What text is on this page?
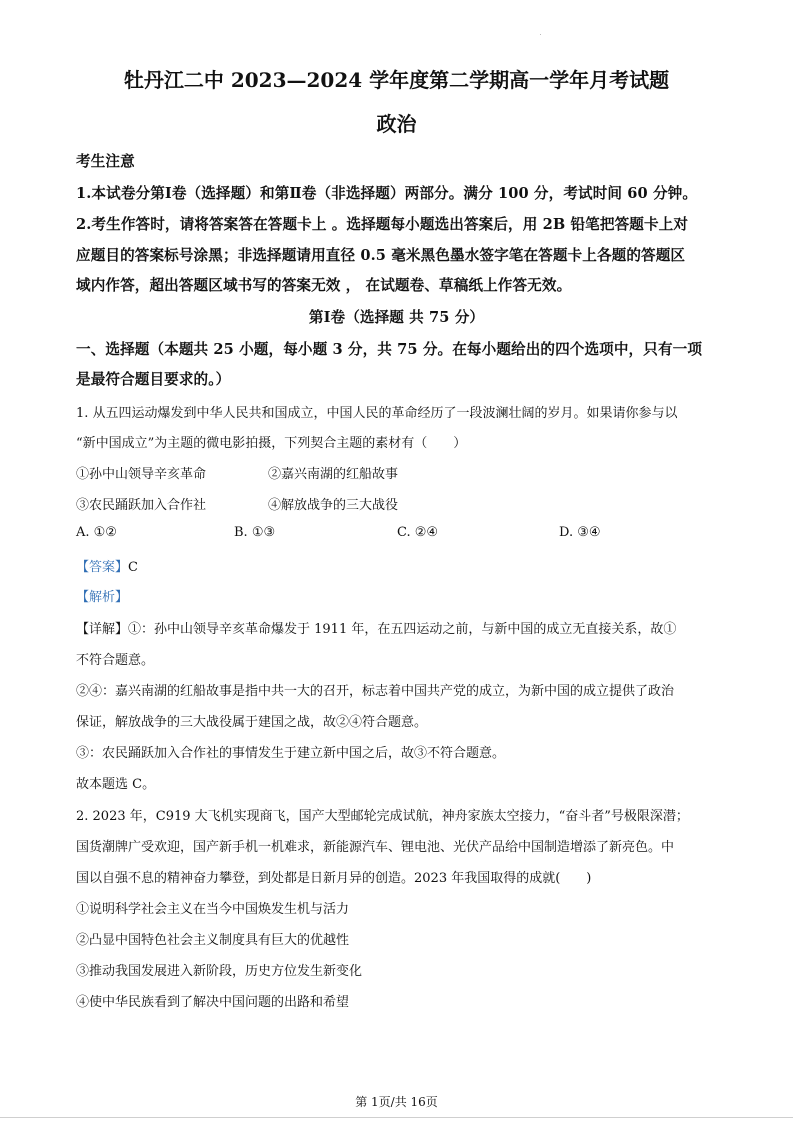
牡丹江二中 2023—2024 学年度第二学期高一学年月考试题
政治
考生注意
1.本试卷分第Ⅰ卷（选择题）和第Ⅱ卷（非选择题）两部分。满分 100 分，考试时间 60 分钟。
2.考生作答时，请将答案答在答题卡上 。选择题每小题选出答案后，用 2B 铅笔把答题卡上对
应题目的答案标号涂黑；非选择题请用直径 0.5 毫米黑色墨水签字笔在答题卡上各题的答题区
域内作答，超出答题区域书写的答案无效 ， 在试题卷、草稿纸上作答无效。
第Ⅰ卷（选择题 共 75 分）
一、选择题（本题共 25 小题，每小题 3 分，共 75 分。在每小题给出的四个选项中，只有一项
是最符合题目要求的。）
1. 从五四运动爆发到中华人民共和国成立，中国人民的革命经历了一段波澜壮阔的岁月。如果请你参与以
“新中国成立”为主题的微电影拍摄，下列契合主题的素材有（　　）
①孙中山领导辛亥革命	②嘉兴南湖的红船故事
③农民踊跃加入合作社	④解放战争的三大战役
A. ①②	B. ①③	C. ②④	D. ③④
【答案】C
【解析】
【详解】①：孙中山领导辛亥革命爆发于 1911 年，在五四运动之前，与新中国的成立无直接关系，故①
不符合题意。
②④：嘉兴南湖的红船故事是指中共一大的召开，标志着中国共产党的成立，为新中国的成立提供了政治
保证，解放战争的三大战役属于建国之战，故②④符合题意。
③：农民踊跃加入合作社的事情发生于建立新中国之后，故③不符合题意。
故本题选 C。
2. 2023 年，C919 大飞机实现商飞，国产大型邮轮完成试航，神舟家族太空接力，“奋斗者”号极限深潜；
国货潮牌广受欢迎，国产新手机一机难求，新能源汽车、锂电池、光伏产品给中国制造增添了新亮色。中
国以自强不息的精神奋力攀登，到处都是日新月异的创造。2023 年我国取得的成就(　　)
①说明科学社会主义在当今中国焕发生机与活力
②凸显中国特色社会主义制度具有巨大的优越性
③推动我国发展进入新阶段，历史方位发生新变化
④使中华民族看到了解决中国问题的出路和希望
第 1页/共 16页
